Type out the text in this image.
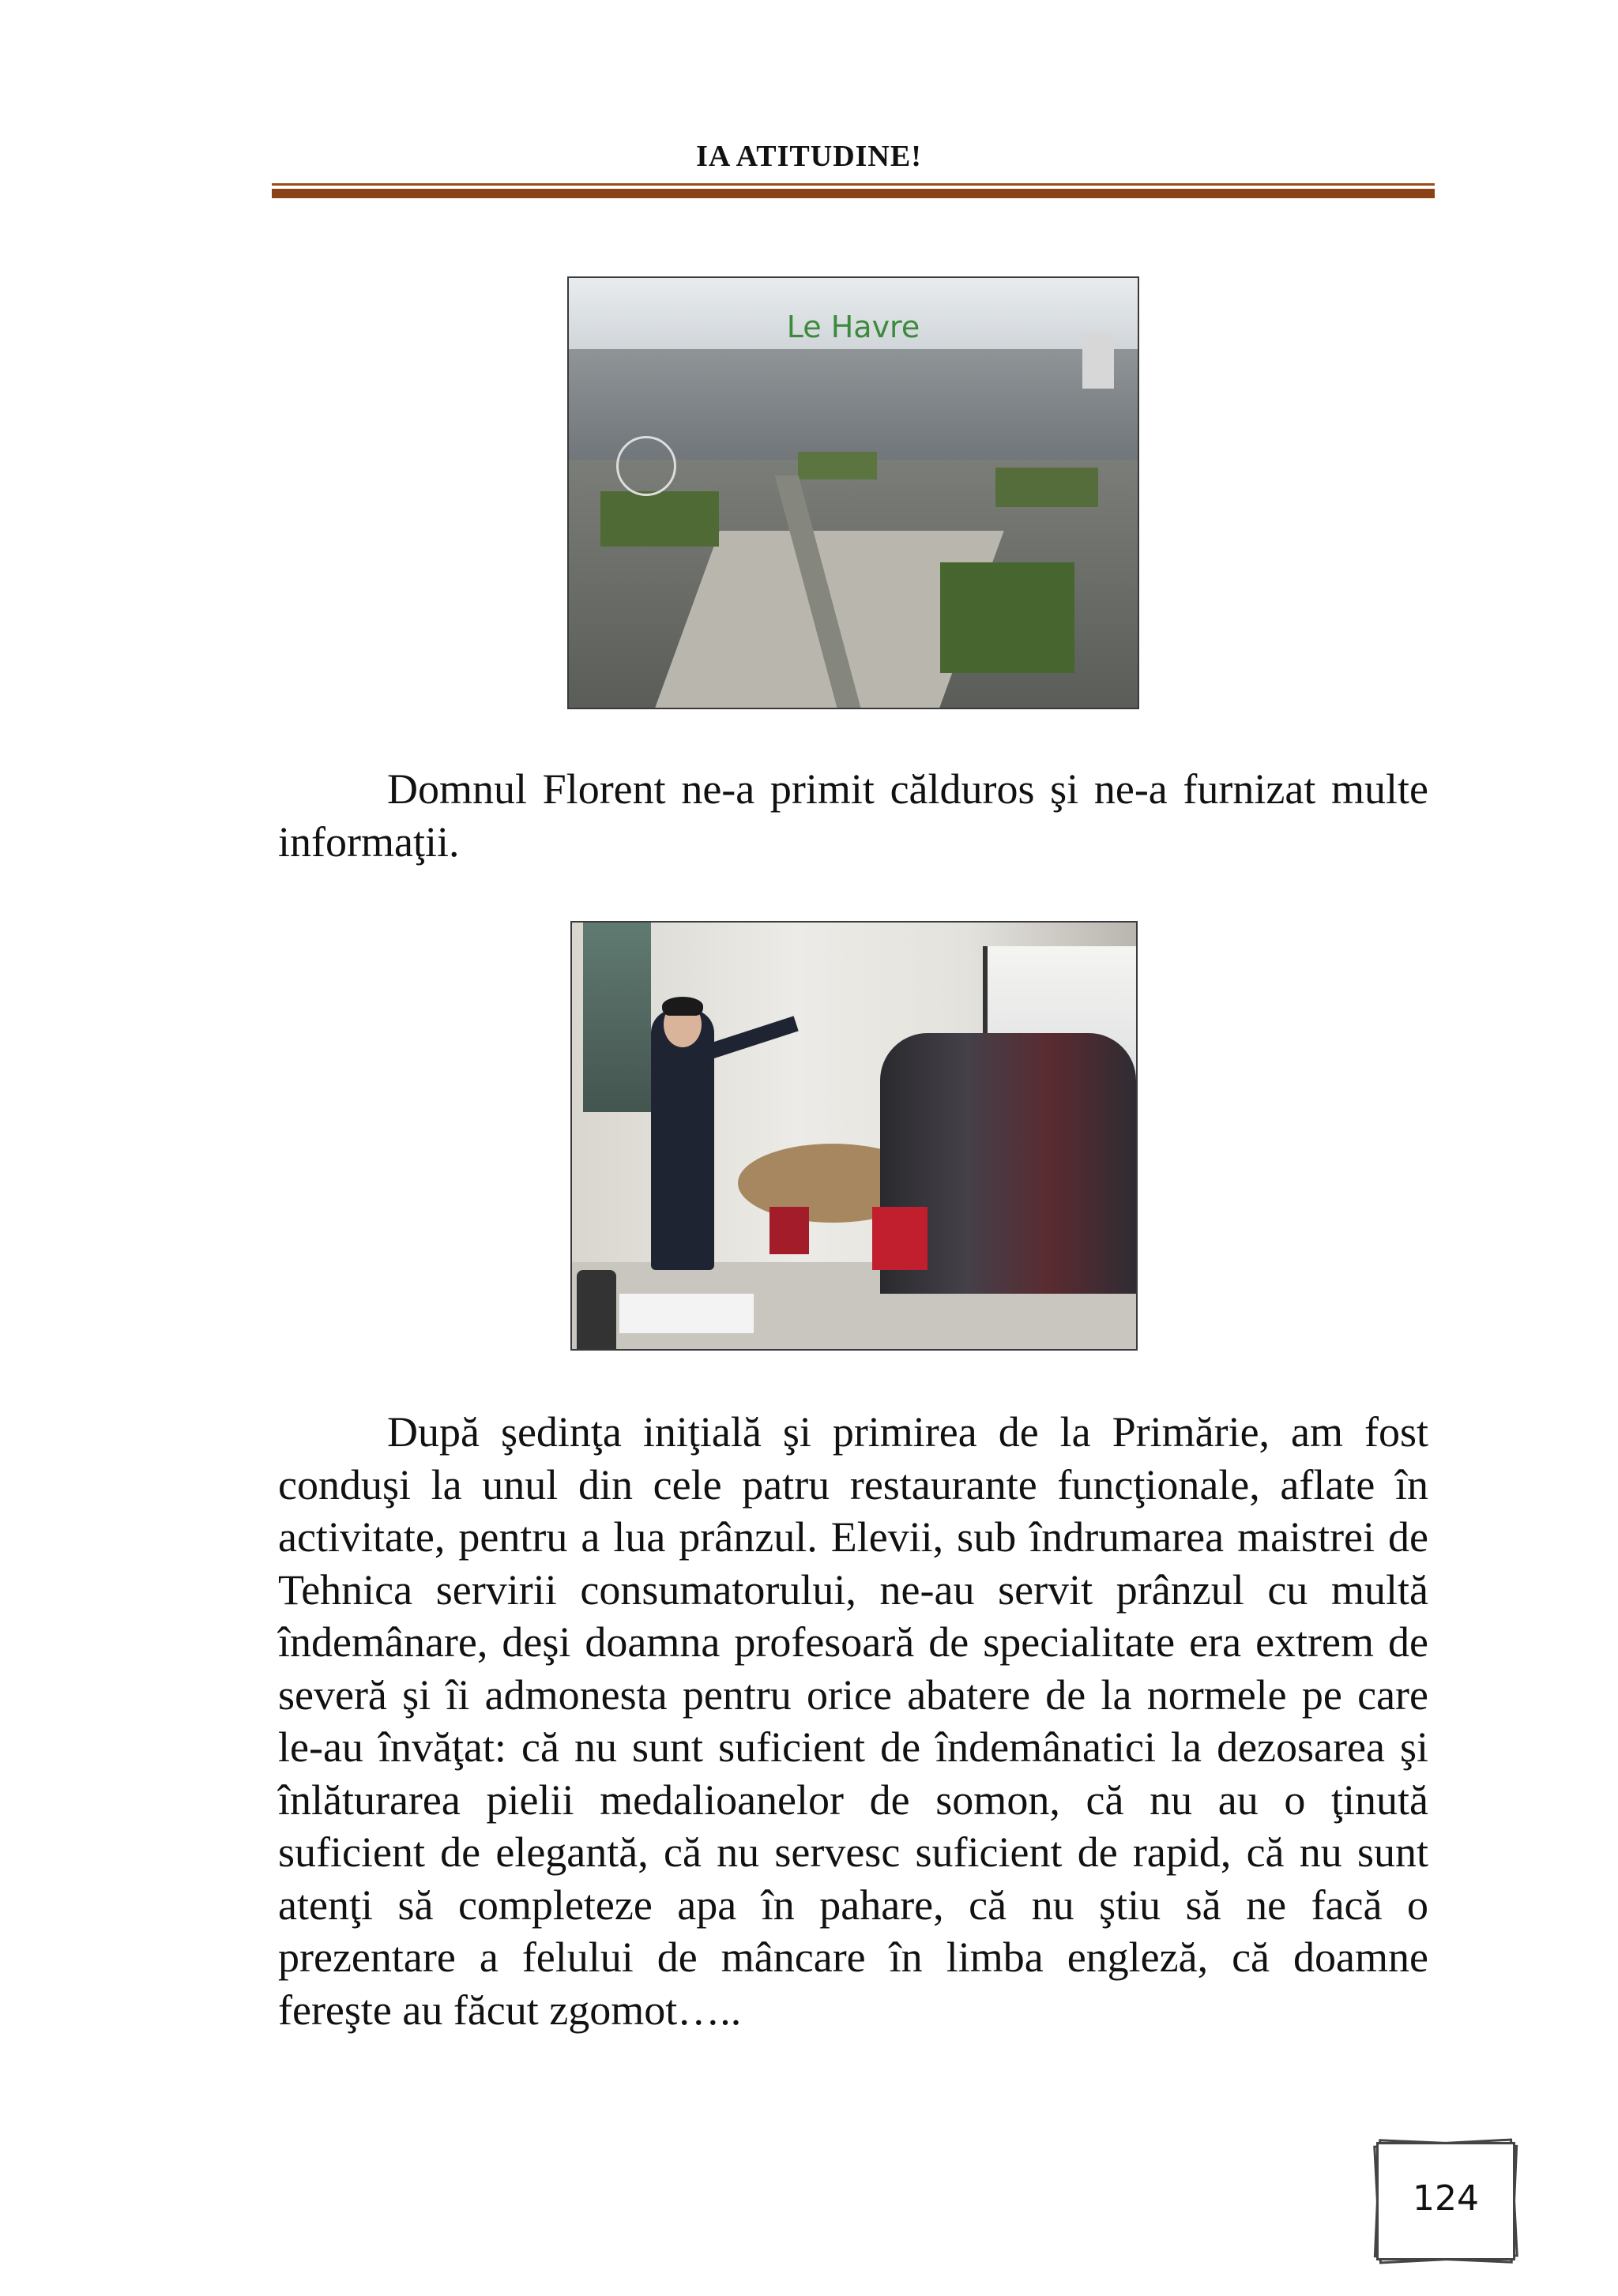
IA ATITUDINE!
Le Havre

Domnul Florent ne-a primit călduros şi ne-a furnizat multe informaţii.

După şedinţa iniţială şi primirea de la Primărie, am fost conduşi la unul din cele patru restaurante funcţionale, aflate în activitate, pentru a lua prânzul. Elevii, sub îndrumarea maistrei de Tehnica servirii consumatorului, ne-au servit prânzul cu multă îndemânare, deşi doamna profesoară de specialitate era extrem de severă şi îi admonesta pentru orice abatere de la normele pe care le-au învăţat: că nu sunt suficient de îndemânatici la dezosarea şi înlăturarea pielii medalioanelor de somon, că nu au o ţinută suficient de elegantă, că nu servesc suficient de rapid, că nu sunt atenţi să completeze apa în pahare, că nu ştiu să ne facă o prezentare a felului de mâncare în limba engleză, că doamne fereşte au făcut zgomot…..

124
